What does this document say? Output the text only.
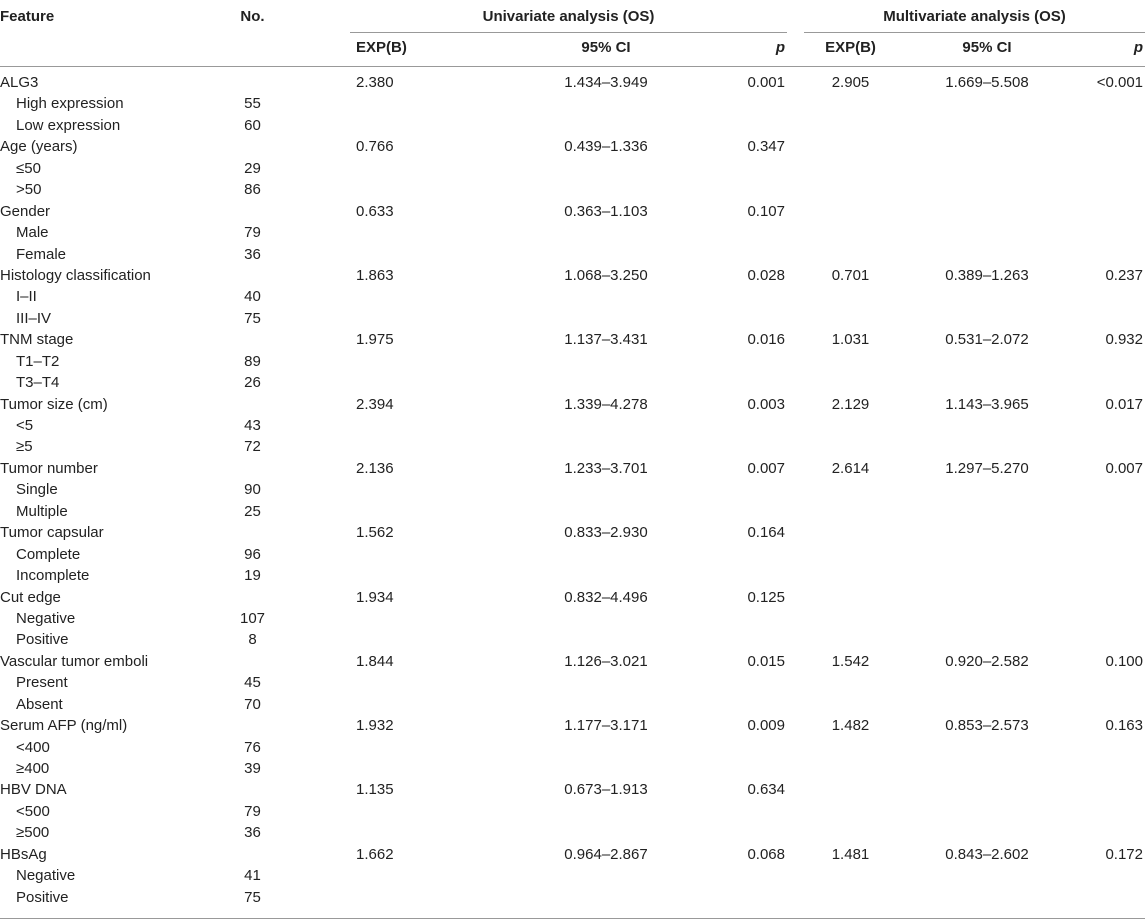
Feature	No.		Univariate analysis (OS)				Multivariate analysis (OS)		
			EXP(B)	95% CI	p		EXP(B)	95% CI	p
ALG3			2.380	1.434–3.949	0.001		2.905	1.669–5.508	<0.001
High expression	55								
Low expression	60								
Age (years)			0.766	0.439–1.336	0.347				
≤50	29								
>50	86								
Gender			0.633	0.363–1.103	0.107				
Male	79								
Female	36								
Histology classification			1.863	1.068–3.250	0.028		0.701	0.389–1.263	0.237
I–II	40								
III–IV	75								
TNM stage			1.975	1.137–3.431	0.016		1.031	0.531–2.072	0.932
T1–T2	89								
T3–T4	26								
Tumor size (cm)			2.394	1.339–4.278	0.003		2.129	1.143–3.965	0.017
<5	43								
≥5	72								
Tumor number			2.136	1.233–3.701	0.007		2.614	1.297–5.270	0.007
Single	90								
Multiple	25								
Tumor capsular			1.562	0.833–2.930	0.164				
Complete	96								
Incomplete	19								
Cut edge			1.934	0.832–4.496	0.125				
Negative	107								
Positive	8								
Vascular tumor emboli			1.844	1.126–3.021	0.015		1.542	0.920–2.582	0.100
Present	45								
Absent	70								
Serum AFP (ng/ml)			1.932	1.177–3.171	0.009		1.482	0.853–2.573	0.163
<400	76								
≥400	39								
HBV DNA			1.135	0.673–1.913	0.634				
<500	79								
≥500	36								
HBsAg			1.662	0.964–2.867	0.068		1.481	0.843–2.602	0.172
Negative	41								
Positive	75								
